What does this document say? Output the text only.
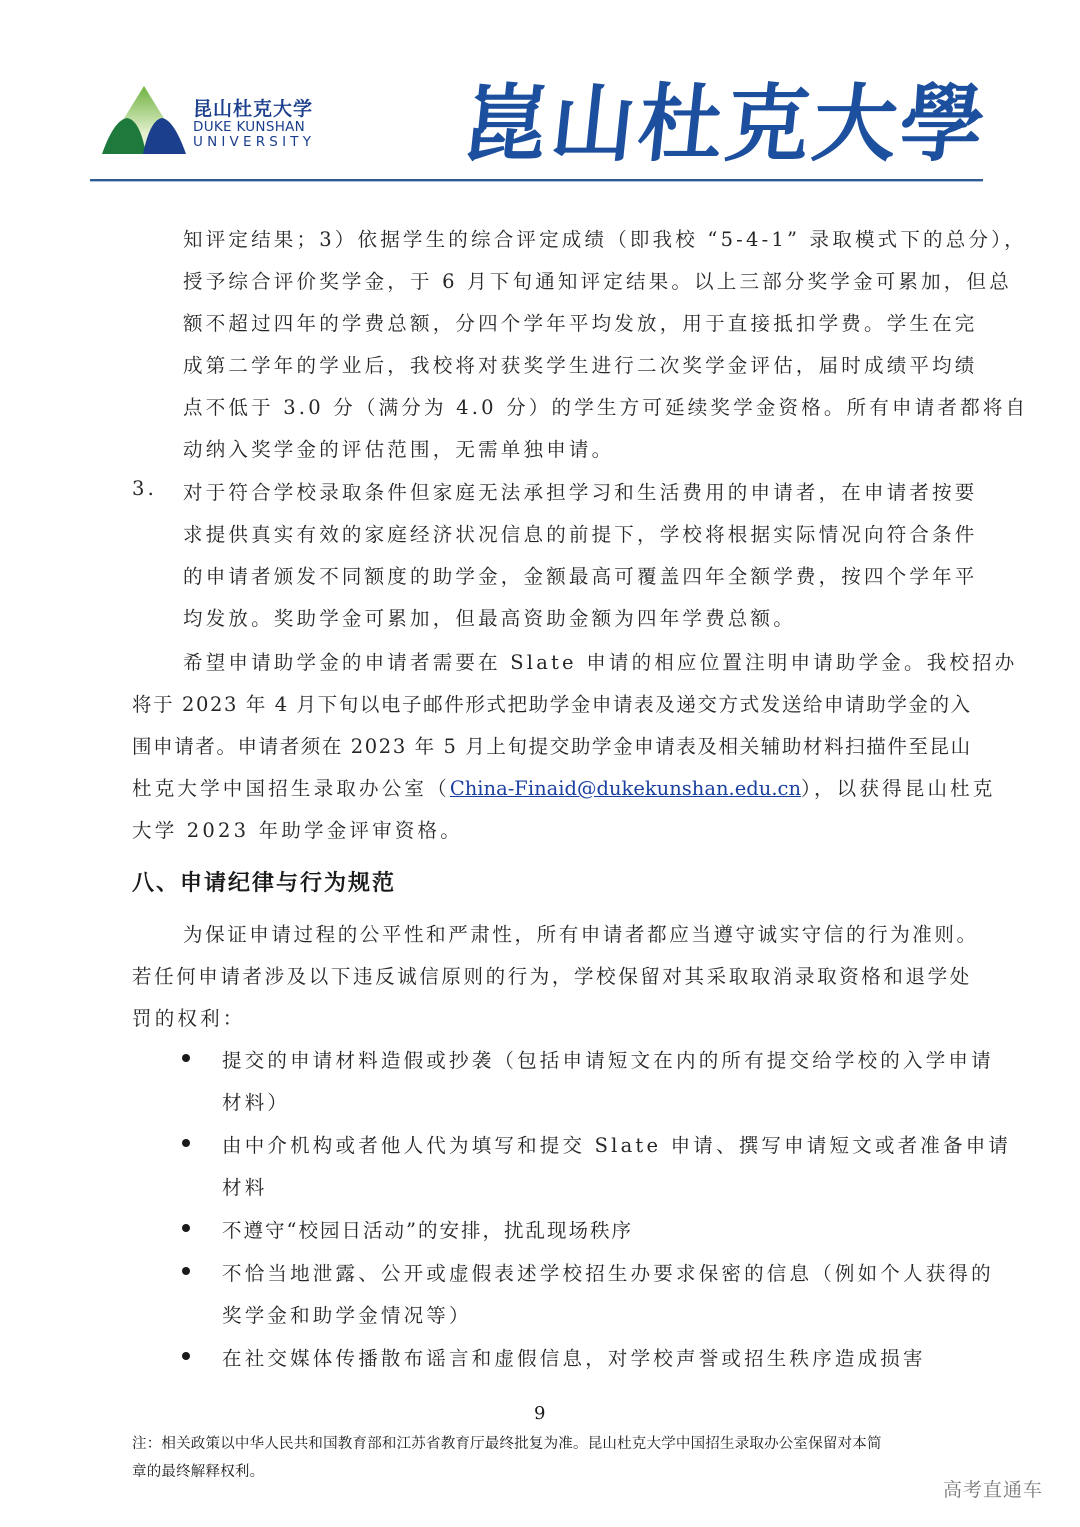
昆山杜克大学
DUKE KUNSHAN
UNIVERSITY 崑
山
杜
克
大
學
知评定结果；3）依据学生的综合评定成绩（即我校 “5-4-1” 录取模式下的总分），
授予综合评价奖学金，于 6 月下旬通知评定结果。以上三部分奖学金可累加，但总
额不超过四年的学费总额，分四个学年平均发放，用于直接抵扣学费。学生在完
成第二学年的学业后，我校将对获奖学生进行二次奖学金评估，届时成绩平均绩
点不低于 3.0 分（满分为 4.0 分）的学生方可延续奖学金资格。所有申请者都将自
动纳入奖学金的评估范围，无需单独申请。
3. 对于符合学校录取条件但家庭无法承担学习和生活费用的申请者，在申请者按要
求提供真实有效的家庭经济状况信息的前提下，学校将根据实际情况向符合条件
的申请者颁发不同额度的助学金，金额最高可覆盖四年全额学费，按四个学年平
均发放。奖助学金可累加，但最高资助金额为四年学费总额。
希望申请助学金的申请者需要在 Slate 申请的相应位置注明申请助学金。我校招办
将于 2023 年 4 月下旬以电子邮件形式把助学金申请表及递交方式发送给申请助学金的入
围申请者。申请者须在 2023 年 5 月上旬提交助学金申请表及相关辅助材料扫描件至昆山
杜克大学中国招生录取办公室（China-Finaid@dukekunshan.edu.cn），以获得昆山杜克
大学 2023 年助学金评审资格。
八、申请纪律与行为规范
为保证申请过程的公平性和严肃性，所有申请者都应当遵守诚实守信的行为准则。
若任何申请者涉及以下违反诚信原则的行为，学校保留对其采取取消录取资格和退学处
罚的权利：
提交的申请材料造假或抄袭（包括申请短文在内的所有提交给学校的入学申请
材料）
由中介机构或者他人代为填写和提交 Slate 申请、撰写申请短文或者准备申请
材料
不遵守“校园日活动”的安排，扰乱现场秩序
不恰当地泄露、公开或虚假表述学校招生办要求保密的信息（例如个人获得的
奖学金和助学金情况等）
在社交媒体传播散布谣言和虚假信息，对学校声誉或招生秩序造成损害
9
注：相关政策以中华人民共和国教育部和江苏省教育厅最终批复为准。昆山杜克大学中国招生录取办公室保留对本简
章的最终解释权利。
高考直通车
